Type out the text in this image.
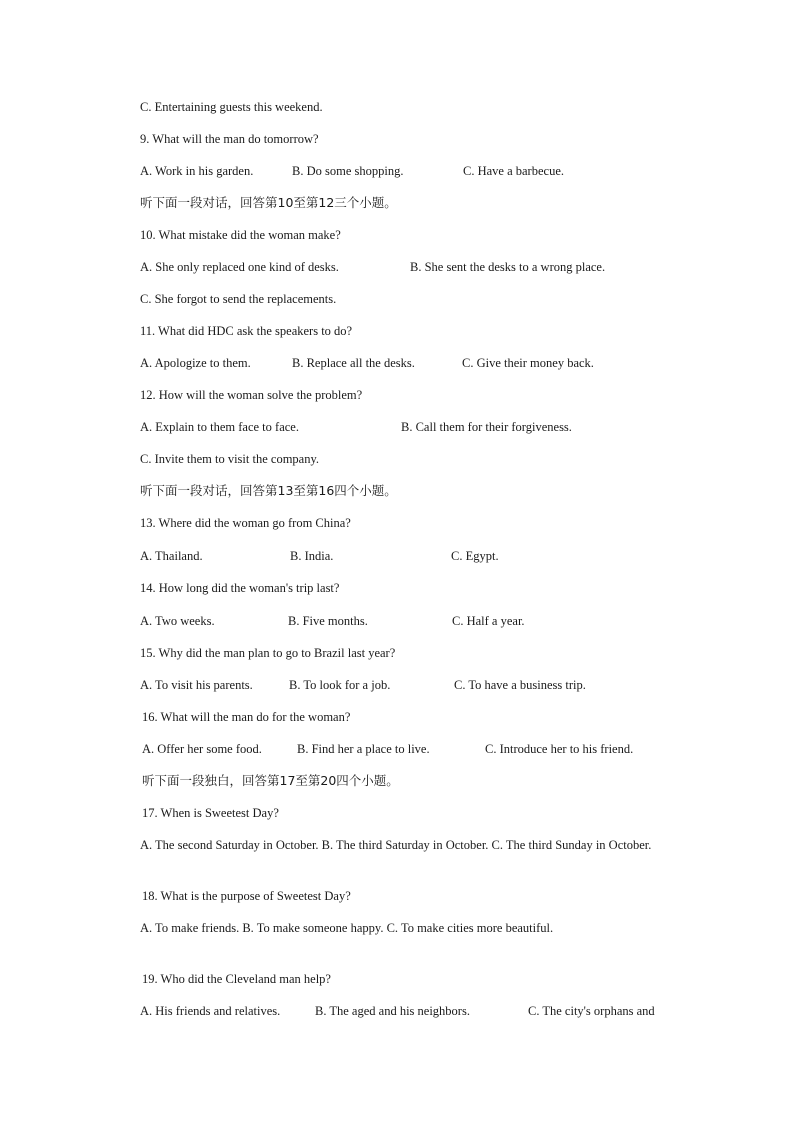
C. Entertaining guests this weekend.

9. What will the man do tomorrow?

A. Work in his garden.	B. Do some shopping.	C. Have a barbecue.

听下面一段对话，回答第10至第12三个小题。

10. What mistake did the woman make?

A. She only replaced one kind of desks.	B. She sent the desks to a wrong place.

C. She forgot to send the replacements.

11. What did HDC ask the speakers to do?

A. Apologize to them.	B. Replace all the desks.	C. Give their money back.

12. How will the woman solve the problem?

A. Explain to them face to face.	B. Call them for their forgiveness.

C. Invite them to visit the company.

听下面一段对话，回答第13至第16四个小题。

13. Where did the woman go from China?

A. Thailand.	B. India.	C. Egypt.

14. How long did the woman's trip last?

A. Two weeks.	B. Five months.	C. Half a year.

15. Why did the man plan to go to Brazil last year?

A. To visit his parents.	B. To look for a job.	C. To have a business trip.

16. What will the man do for the woman?

A. Offer her some food.	B. Find her a place to live.	C. Introduce her to his friend.

听下面一段独白，回答第17至第20四个小题。

17. When is Sweetest Day?

A. The second Saturday in October. B. The third Saturday in October. C. The third Sunday in October.

18. What is the purpose of Sweetest Day?

A. To make friends. B. To make someone happy. C. To make cities more beautiful.

19. Who did the Cleveland man help?

A. His friends and relatives.	B. The aged and his neighbors.	C. The city's orphans and
